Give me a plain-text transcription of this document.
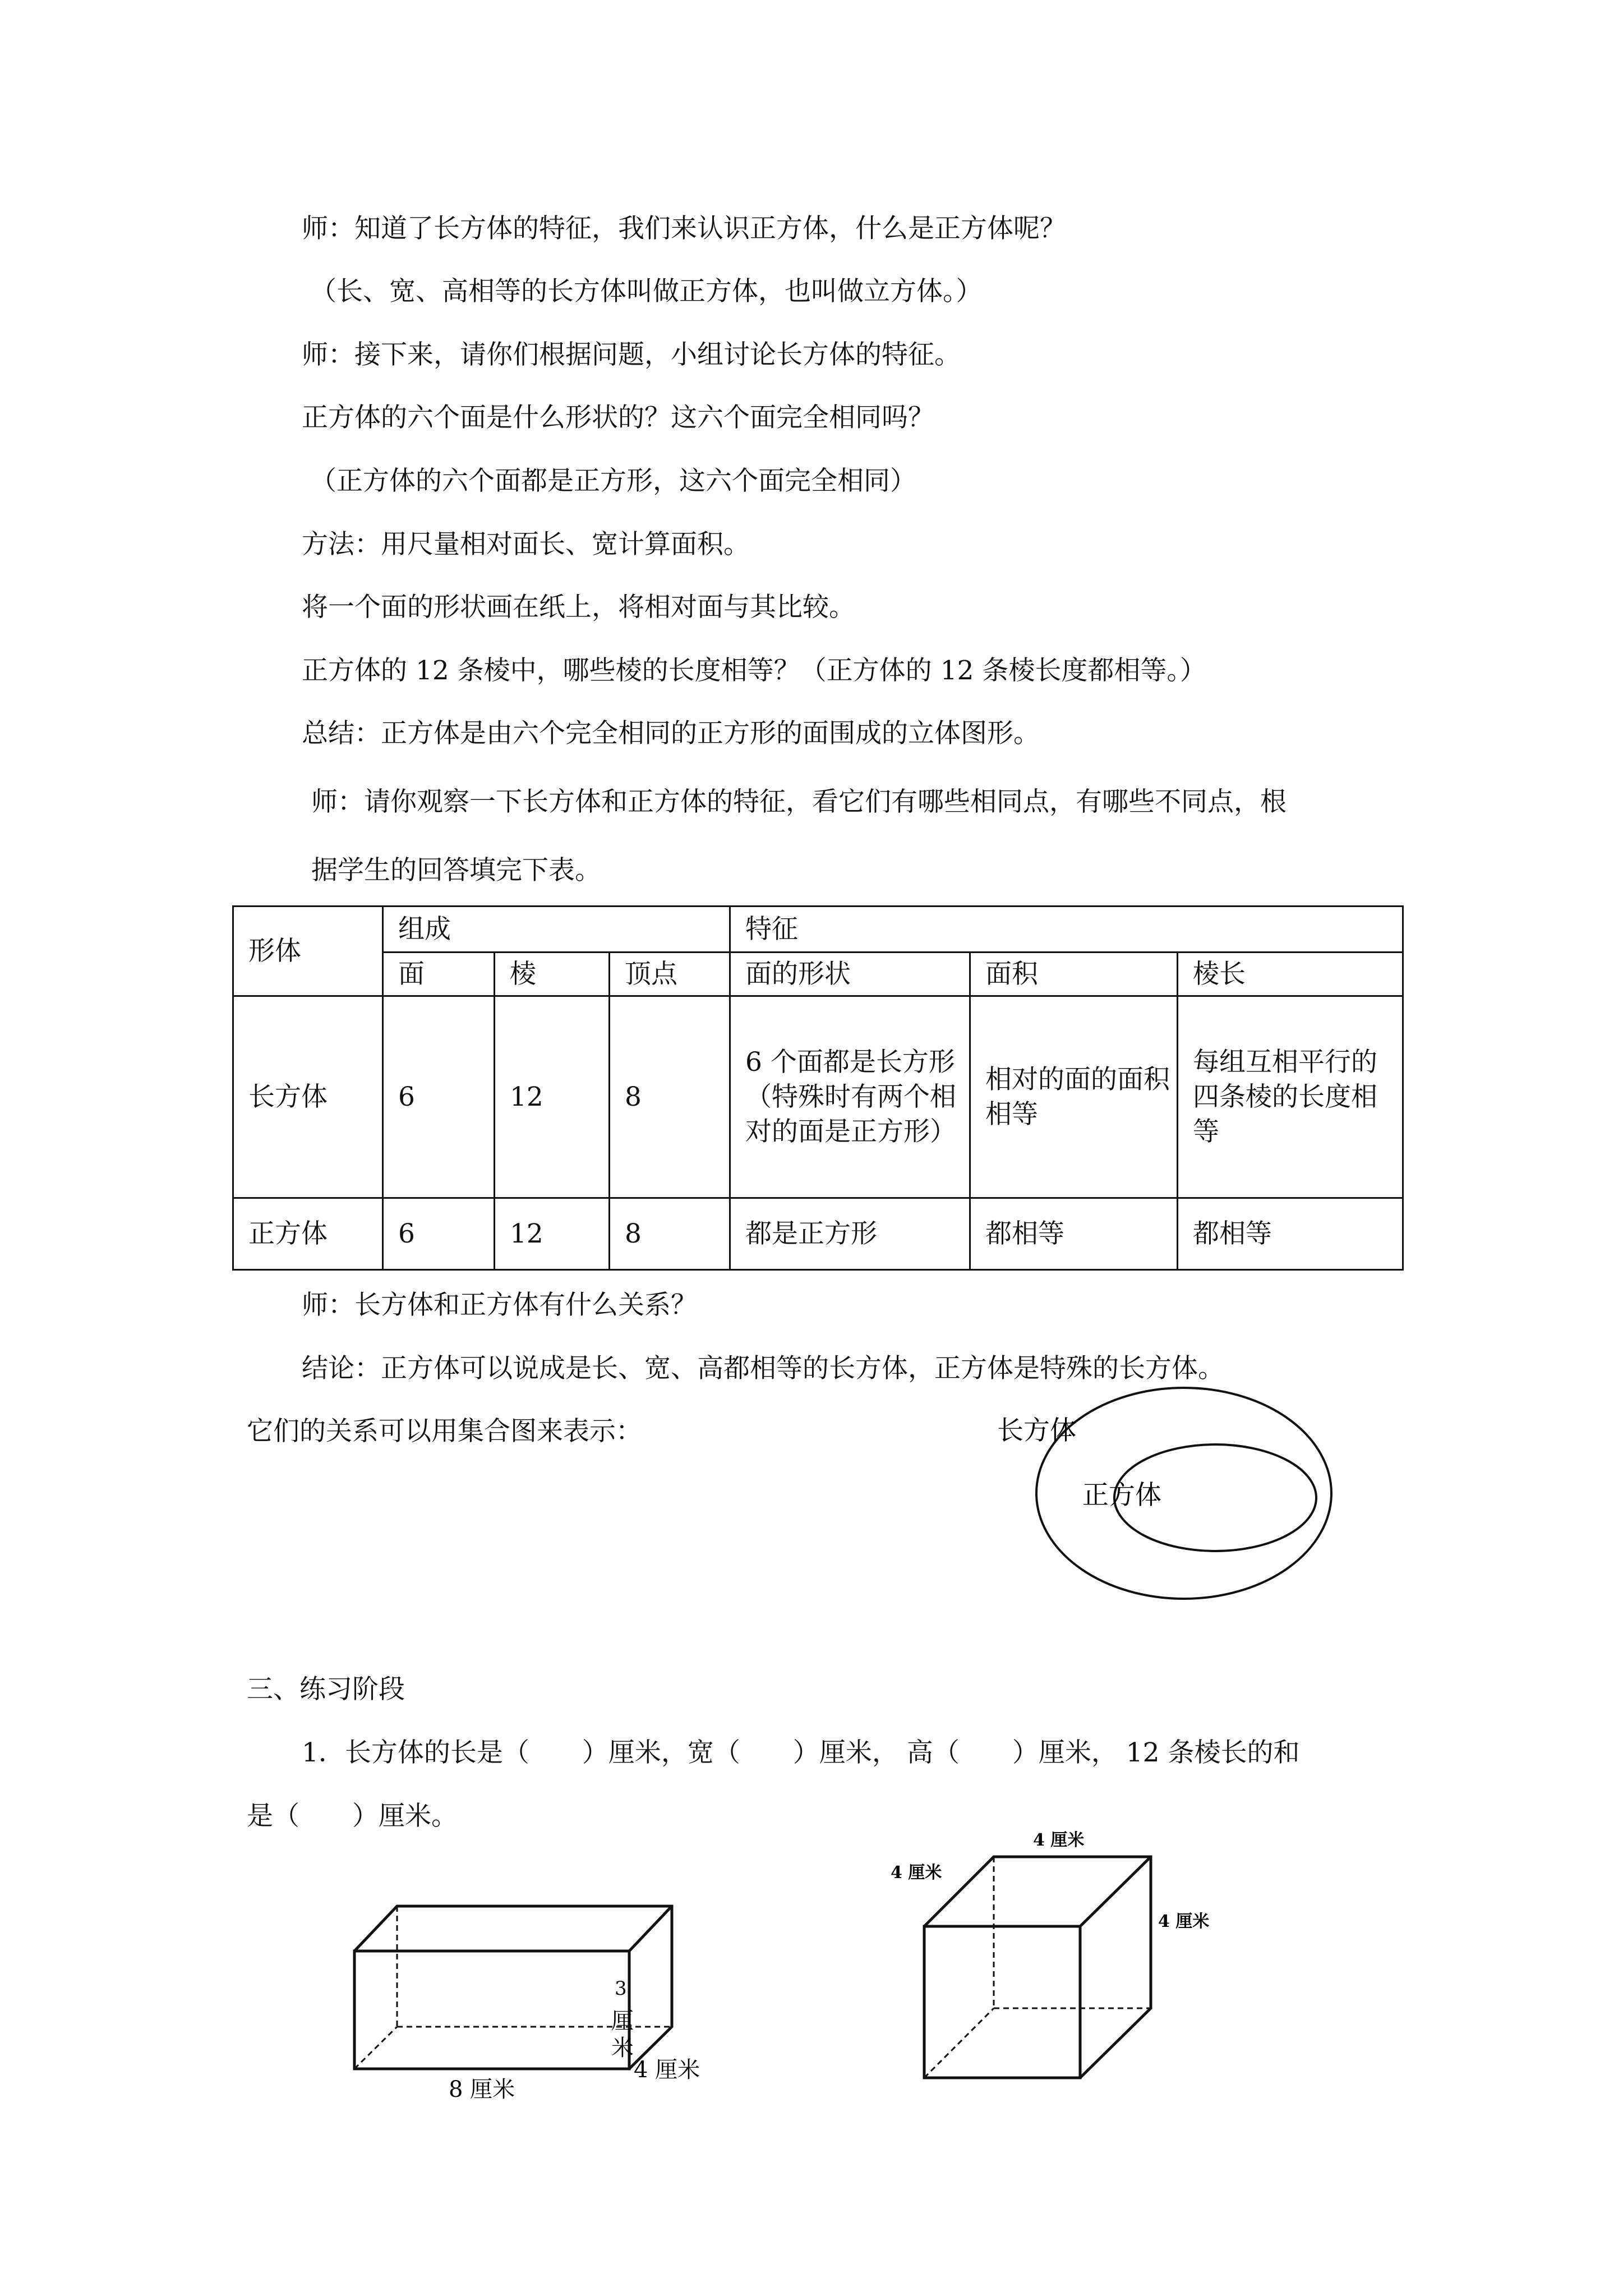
师：知道了长方体的特征，我们来认识正方体，什么是正方体呢？
（长、宽、高相等的长方体叫做正方体，也叫做立方体。）
师：接下来，请你们根据问题，小组讨论长方体的特征。
正方体的六个面是什么形状的？这六个面完全相同吗？
（正方体的六个面都是正方形，这六个面完全相同）
方法：用尺量相对面长、宽计算面积。
将一个面的形状画在纸上，将相对面与其比较。
正方体的 12 条棱中，哪些棱的长度相等？（正方体的 12 条棱长度都相等。）
总结：正方体是由六个完全相同的正方形的面围成的立体图形。
师：请你观察一下长方体和正方体的特征，看它们有哪些相同点，有哪些不同点，根
据学生的回答填完下表。
形体	组成			特征		
	面	棱	顶点	面的形状	面积	棱长
长方体	6	12	8	6 个面都是长方形（特殊时有两个相对的面是正方形）	相对的面的面积相等	每组互相平行的四条棱的长度相等
正方体	6	12	8	都是正方形	都相等	都相等
师：长方体和正方体有什么关系？
结论：正方体可以说成是长、宽、高都相等的长方体，正方体是特殊的长方体。
它们的关系可以用集合图来表示：	长方体
正方体
三、练习阶段
1．长方体的长是（　　）厘米，宽（　　）厘米， 高（　　）厘米， 12 条棱长的和
是（　　）厘米。
3
厘
米
4 厘米
8 厘米
4 厘米
4 厘米
4 厘米
